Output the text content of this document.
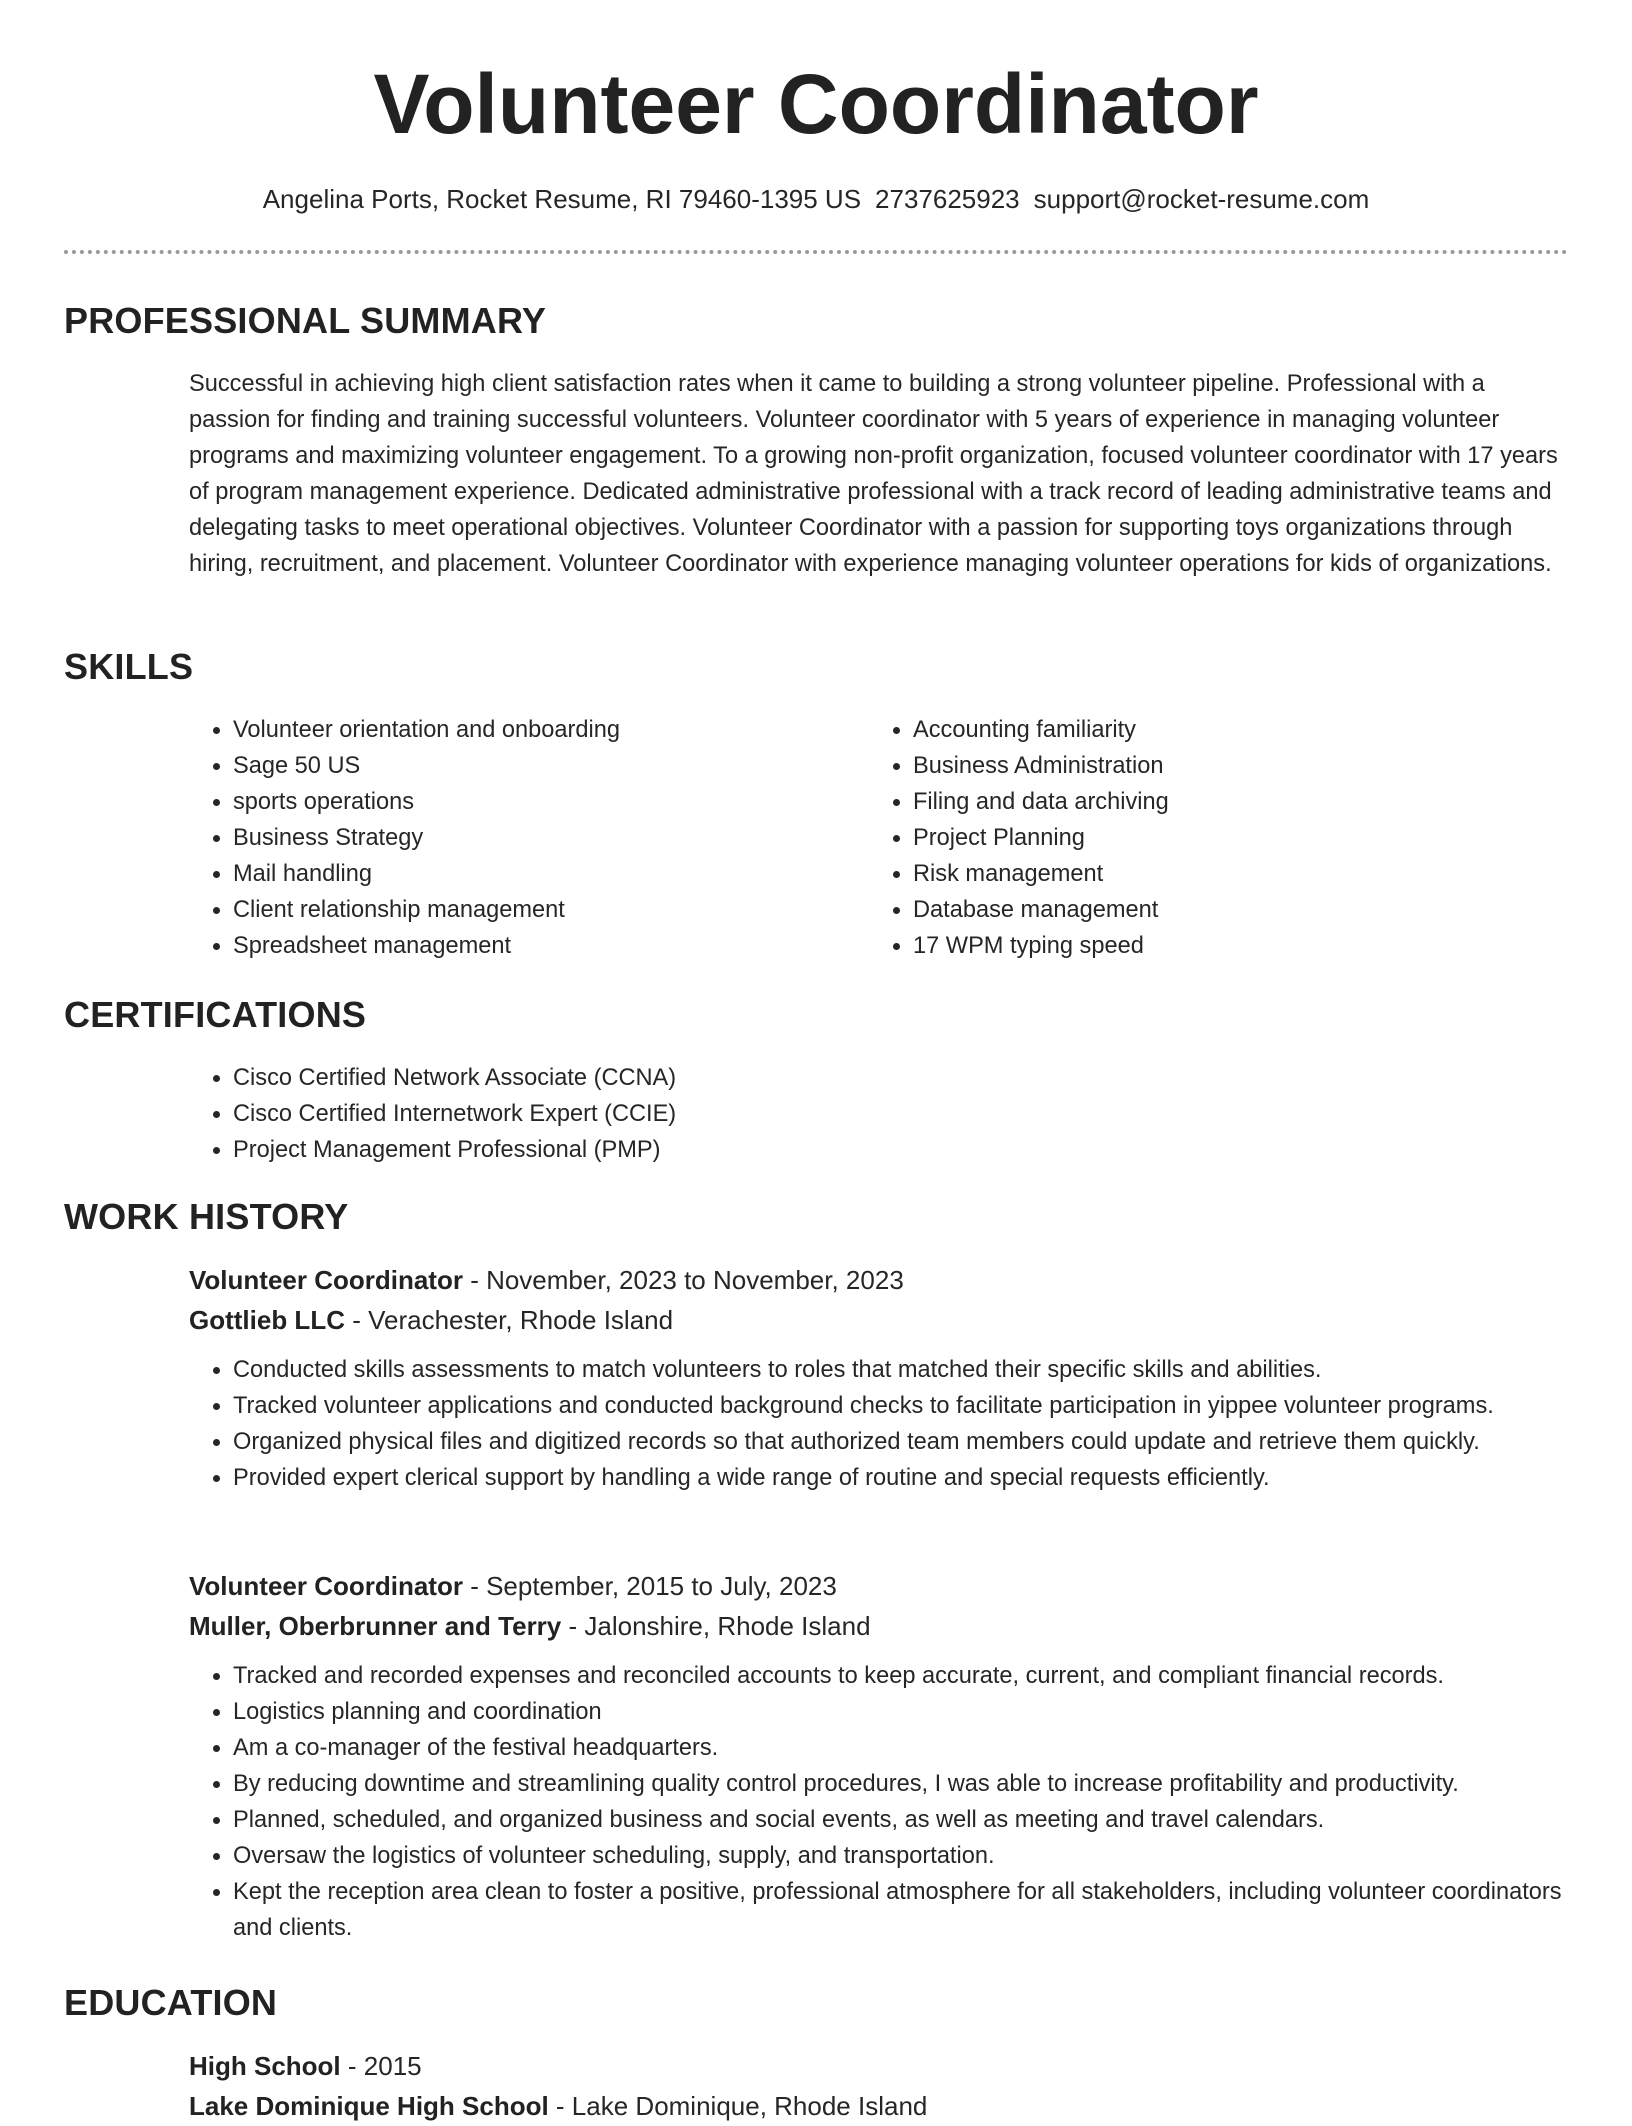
Volunteer Coordinator
Angelina Ports, Rocket Resume, RI 79460-1395 US 2737625923 support@rocket-resume.com
PROFESSIONAL SUMMARY

Successful in achieving high client satisfaction rates when it came to building a strong volunteer pipeline. Professional with a passion for finding and training successful volunteers. Volunteer coordinator with 5 years of experience in managing volunteer programs and maximizing volunteer engagement. To a growing non-profit organization, focused volunteer coordinator with 17 years of program management experience. Dedicated administrative professional with a track record of leading administrative teams and delegating tasks to meet operational objectives. Volunteer Coordinator with a passion for supporting toys organizations through hiring, recruitment, and placement. Volunteer Coordinator with experience managing volunteer operations for kids of organizations.

SKILLS
• Volunteer orientation and onboarding
• Sage 50 US
• sports operations
• Business Strategy
• Mail handling
• Client relationship management
• Spreadsheet management
• Accounting familiarity
• Business Administration
• Filing and data archiving
• Project Planning
• Risk management
• Database management
• 17 WPM typing speed
CERTIFICATIONS
• Cisco Certified Network Associate (CCNA)
• Cisco Certified Internetwork Expert (CCIE)
• Project Management Professional (PMP)
WORK HISTORY

Volunteer Coordinator - November, 2023 to November, 2023

Gottlieb LLC - Verachester, Rhode Island

• Conducted skills assessments to match volunteers to roles that matched their specific skills and abilities.
• Tracked volunteer applications and conducted background checks to facilitate participation in yippee volunteer programs.
• Organized physical files and digitized records so that authorized team members could update and retrieve them quickly.
• Provided expert clerical support by handling a wide range of routine and special requests efficiently.

Volunteer Coordinator - September, 2015 to July, 2023

Muller, Oberbrunner and Terry - Jalonshire, Rhode Island

• Tracked and recorded expenses and reconciled accounts to keep accurate, current, and compliant financial records.
• Logistics planning and coordination
• Am a co-manager of the festival headquarters.
• By reducing downtime and streamlining quality control procedures, I was able to increase profitability and productivity.
• Planned, scheduled, and organized business and social events, as well as meeting and travel calendars.
• Oversaw the logistics of volunteer scheduling, supply, and transportation.
• Kept the reception area clean to foster a positive, professional atmosphere for all stakeholders, including volunteer coordinators and clients.
EDUCATION

High School - 2015

Lake Dominique High School - Lake Dominique, Rhode Island
